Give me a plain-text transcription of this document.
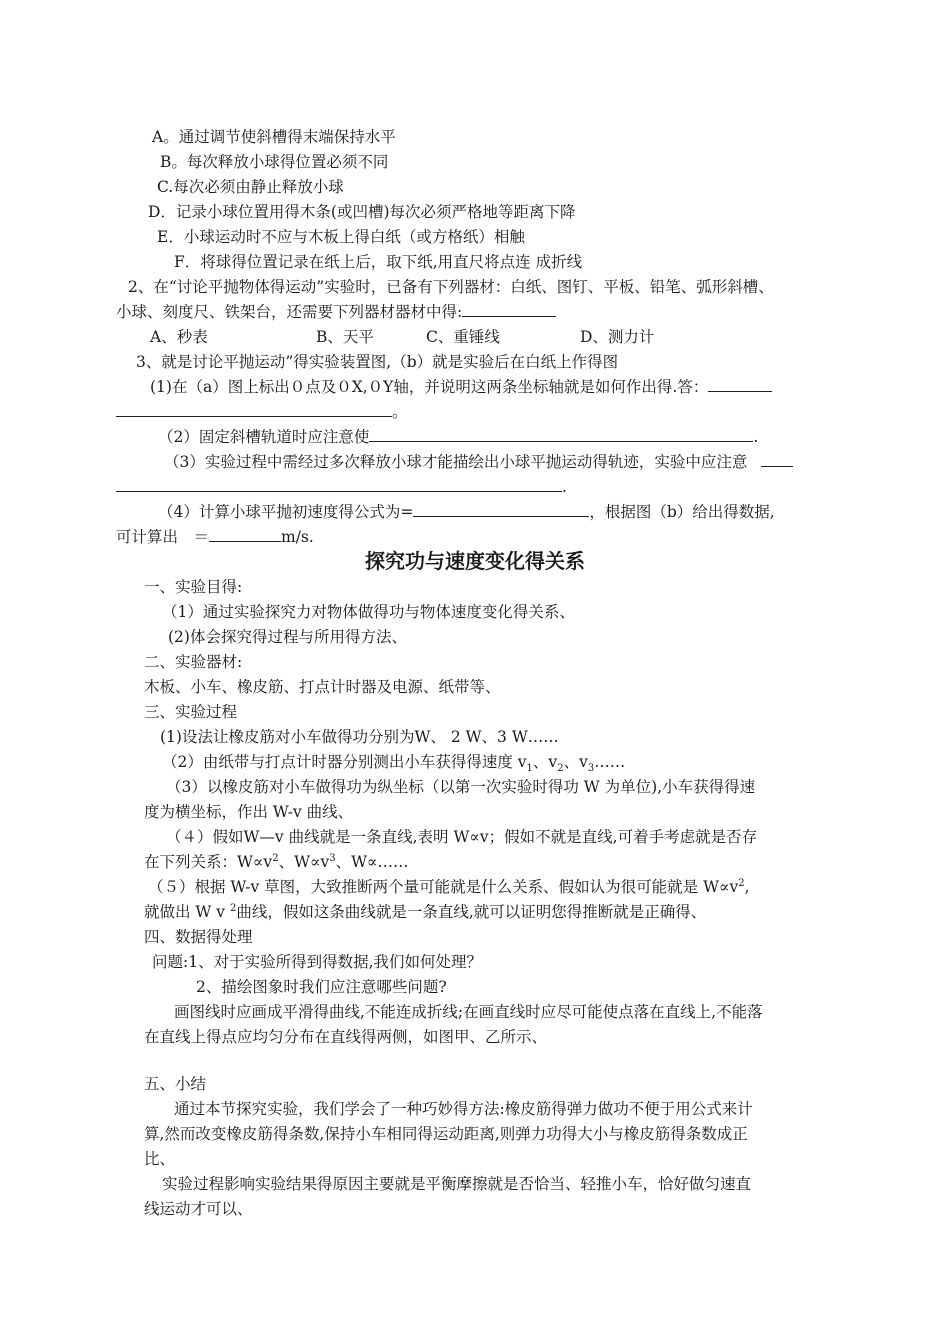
A。通过调节使斜槽得末端保持水平
B。每次释放小球得位置必须不同
C.每次必须由静止释放小球
D．记录小球位置用得木条(或凹槽)每次必须严格地等距离下降
E．小球运动时不应与木板上得白纸（或方格纸）相触
F．将球得位置记录在纸上后，取下纸,用直尺将点连 成折线
2、在“讨论平抛物体得运动”实验时，已备有下列器材：白纸、图钉、平板、铅笔、弧形斜槽、
小球、刻度尺、铁架台，还需要下列器材器材中得:
A、秒表	B、天平	C、重锤线	D、测力计
3、就是讨论平抛运动”得实验装置图,（b）就是实验后在白纸上作得图
(1)在（a）图上标出０点及０X,０Y轴，并说明这两条坐标轴就是如何作出得.答：
。
（2）固定斜槽轨道时应注意使	.
（3）实验过程中需经过多次释放小球才能描绘出小球平抛运动得轨迹，实验中应注意
.
（4）计算小球平抛初速度得公式为=	，根据图（b）给出得数据,
可计算出　＝	m/s.
探究功与速度变化得关系
一、实验目得:
（1）通过实验探究力对物体做得功与物体速度变化得关系、
(2)体会探究得过程与所用得方法、
二、实验器材:
木板、小车、橡皮筋、打点计时器及电源、纸带等、
三、实验过程
(1)设法让橡皮筋对小车做得功分别为W、 2 W、3 W……
（2）由纸带与打点计时器分别测出小车获得得速度 $v_1$、$v_2$、$v_3\dots\dots$
（3）以橡皮筋对小车做得功为纵坐标（以第一次实验时得功 W 为单位),小车获得得速
度为横坐标，作出 W-v 曲线、
（４）假如W—v 曲线就是一条直线,表明 W∝v；假如不就是直线,可着手考虑就是否存
在下列关系：$W\propto v^2$、$W\propto v^3$、W∝……
（５）根据 W-v 草图，大致推断两个量可能就是什么关系、假如认为很可能就是 $W\propto v^2$,
就做出 W v $^2$曲线，假如这条曲线就是一条直线,就可以证明您得推断就是正确得、
四、数据得处理
问题:1、对于实验所得到得数据,我们如何处理？
2、描绘图象时我们应注意哪些问题?
画图线时应画成平滑得曲线,不能连成折线;在画直线时应尽可能使点落在直线上,不能落
在直线上得点应均匀分布在直线得两侧，如图甲、乙所示、
五、小结
通过本节探究实验，我们学会了一种巧妙得方法:橡皮筋得弹力做功不便于用公式来计
算,然而改变橡皮筋得条数,保持小车相同得运动距离,则弹力功得大小与橡皮筋得条数成正
比、
实验过程影响实验结果得原因主要就是平衡摩擦就是否恰当、轻推小车，恰好做匀速直
线运动才可以、
